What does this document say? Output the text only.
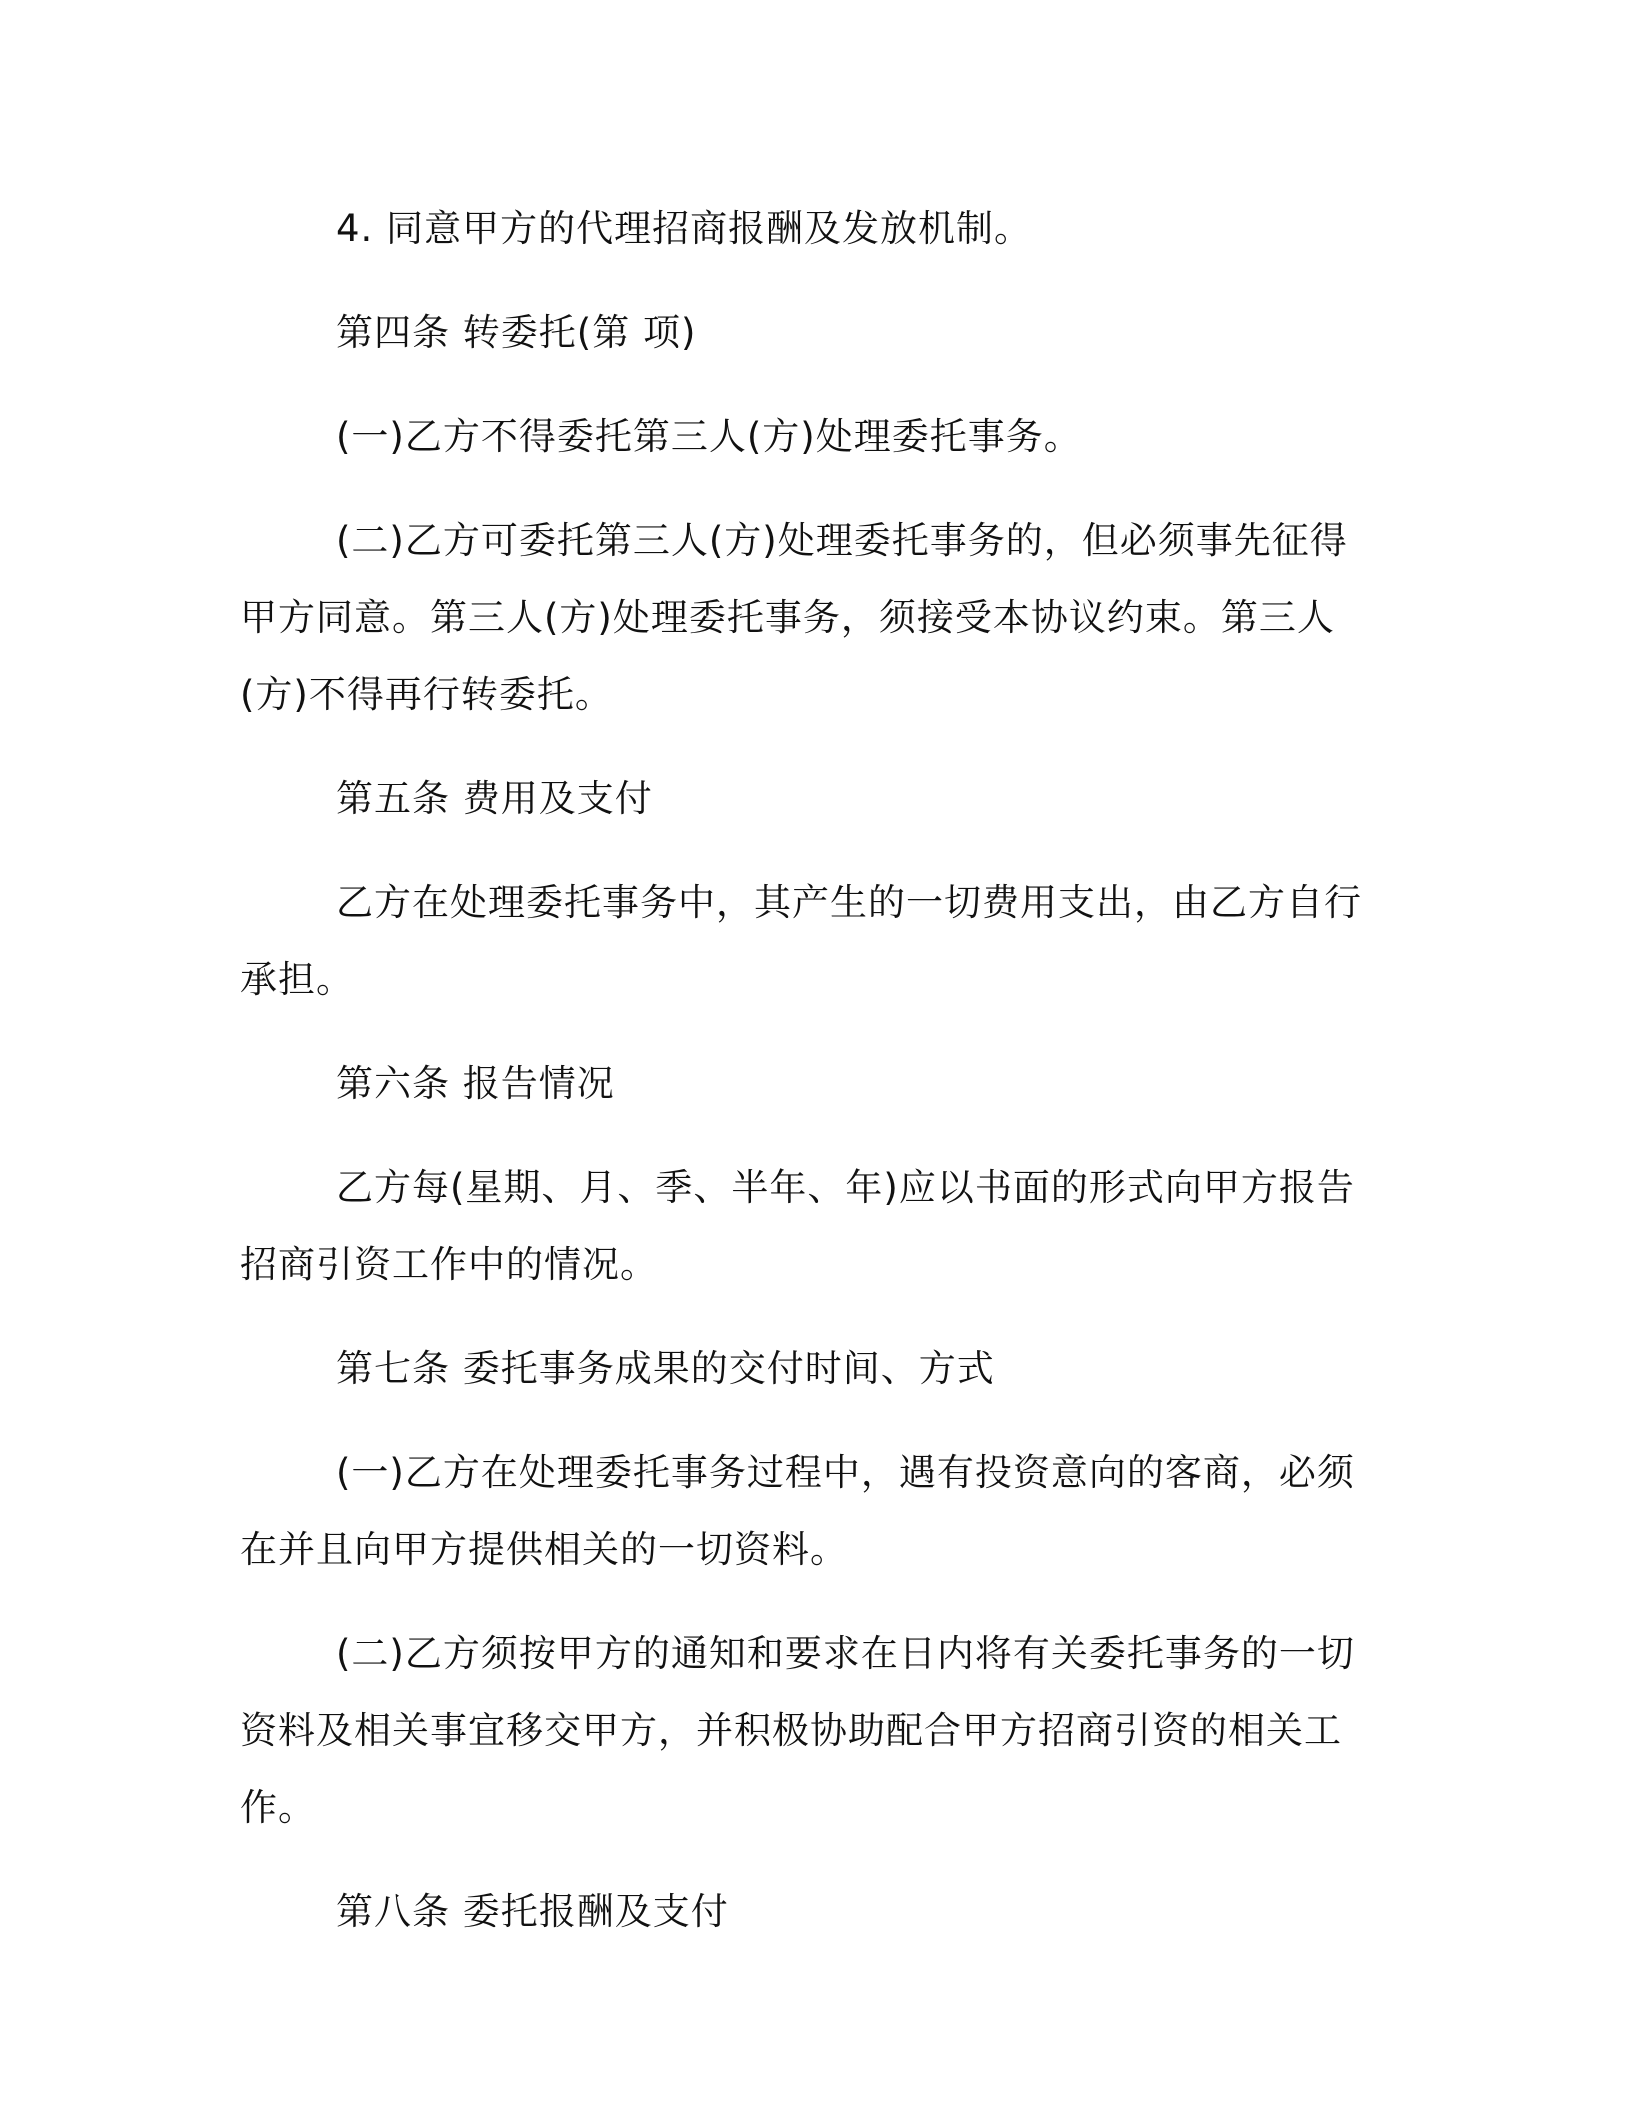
4. 同意甲方的代理招商报酬及发放机制。

第四条 转委托(第 项)

(一)乙方不得委托第三人(方)处理委托事务。

(二)乙方可委托第三人(方)处理委托事务的，但必须事先征得甲方同意。第三人(方)处理委托事务，须接受本协议约束。第三人(方)不得再行转委托。

第五条 费用及支付

乙方在处理委托事务中，其产生的一切费用支出，由乙方自行承担。

第六条 报告情况

乙方每(星期、月、季、半年、年)应以书面的形式向甲方报告招商引资工作中的情况。

第七条 委托事务成果的交付时间、方式

(一)乙方在处理委托事务过程中，遇有投资意向的客商，必须在并且向甲方提供相关的一切资料。

(二)乙方须按甲方的通知和要求在日内将有关委托事务的一切资料及相关事宜移交甲方，并积极协助配合甲方招商引资的相关工作。

第八条 委托报酬及支付
